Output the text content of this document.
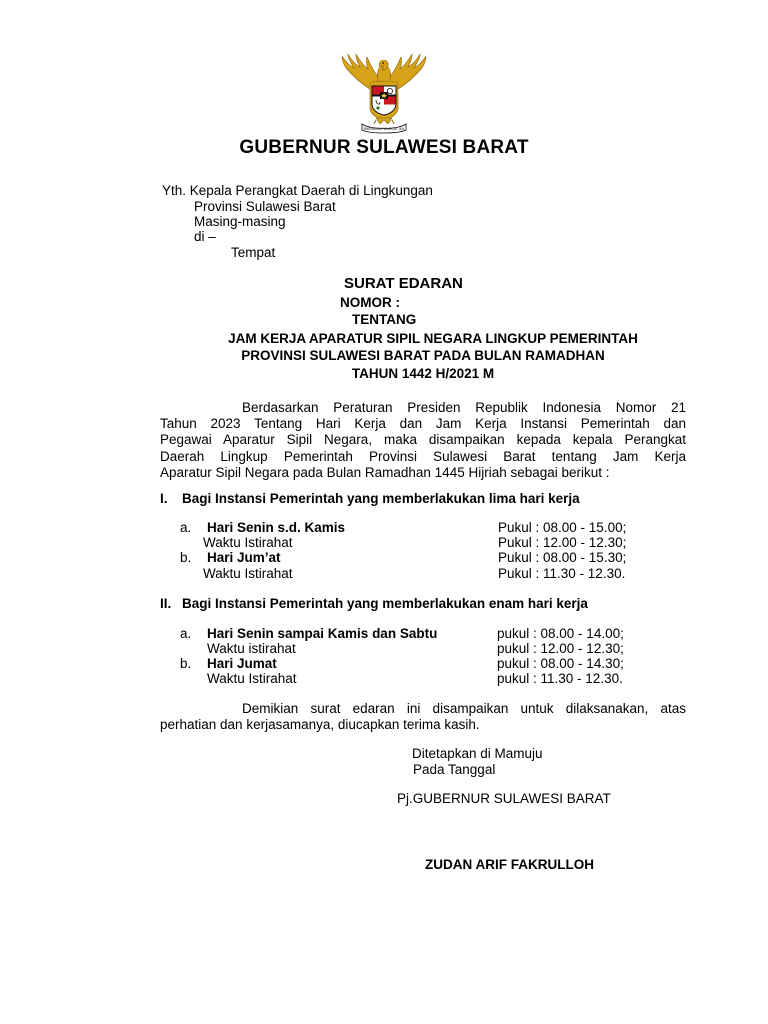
BHINNEKA TUNGGAL IKA
GUBERNUR SULAWESI BARAT
Yth. Kepala Perangkat Daerah di Lingkungan
Provinsi Sulawesi Barat
Masing-masing
di –
Tempat
SURAT EDARAN
NOMOR :
TENTANG
JAM KERJA APARATUR SIPIL NEGARA LINGKUP PEMERINTAH
PROVINSI SULAWESI BARAT PADA BULAN RAMADHAN
TAHUN 1442 H/2021 M
Berdasarkan Peraturan Presiden Republik Indonesia Nomor 21
Tahun 2023 Tentang Hari Kerja dan Jam Kerja Instansi Pemerintah dan
Pegawai Aparatur Sipil Negara, maka disampaikan kepada kepala Perangkat
Daerah Lingkup Pemerintah Provinsi Sulawesi Barat tentang Jam Kerja
Aparatur Sipil Negara pada Bulan Ramadhan 1445 Hijriah sebagai berikut :
I. Bagi Instansi Pemerintah yang memberlakukan lima hari kerja
a. Hari Senin s.d. Kamis	Pukul : 08.00 - 15.00;
Waktu Istirahat	Pukul : 12.00 - 12.30;
b. Hari Jum’at	Pukul : 08.00 - 15.30;
Waktu Istirahat	Pukul : 11.30 - 12.30.
II. Bagi Instansi Pemerintah yang memberlakukan enam hari kerja
a. Hari Senin sampai Kamis dan Sabtu	pukul : 08.00 - 14.00;
Waktu istirahat	pukul : 12.00 - 12.30;
b. Hari Jumat	pukul : 08.00 - 14.30;
Waktu Istirahat	pukul : 11.30 - 12.30.
Demikian surat edaran ini disampaikan untuk dilaksanakan, atas
perhatian dan kerjasamanya, diucapkan terima kasih.
Ditetapkan di Mamuju
Pada Tanggal
Pj.GUBERNUR SULAWESI BARAT
ZUDAN ARIF FAKRULLOH
